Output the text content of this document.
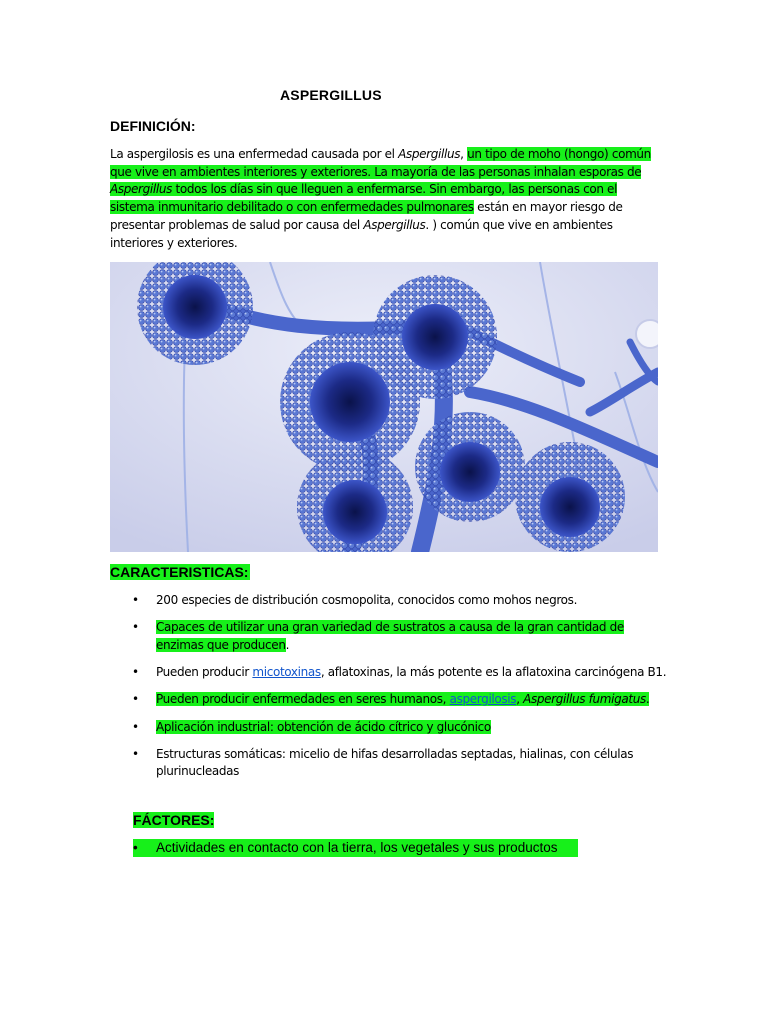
ASPERGILLUS
DEFINICIÓN:
La aspergilosis es una enfermedad causada por el Aspergillus, un tipo de moho (hongo) común que vive en ambientes interiores y exteriores. La mayoría de las personas inhalan esporas de Aspergillus todos los días sin que lleguen a enfermarse. Sin embargo, las personas con el sistema inmunitario debilitado o con enfermedades pulmonares están en mayor riesgo de presentar problemas de salud por causa del Aspergillus. ) común que vive en ambientes interiores y exteriores.
CARACTERISTICAS:
• 200 especies de distribución cosmopolita, conocidos como mohos negros.
• Capaces de utilizar una gran variedad de sustratos a causa de la gran cantidad de enzimas que producen.
• Pueden producir micotoxinas, aflatoxinas, la más potente es la aflatoxina carcinógena B1.
• Pueden producir enfermedades en seres humanos, aspergilosis, Aspergillus fumigatus.
• Aplicación industrial: obtención de ácido cítrico y glucónico
• Estructuras somáticas: micelio de hifas desarrolladas septadas, hialinas, con células plurinucleadas
FÁCTORES:
• Actividades en contacto con la tierra, los vegetales y sus productos
